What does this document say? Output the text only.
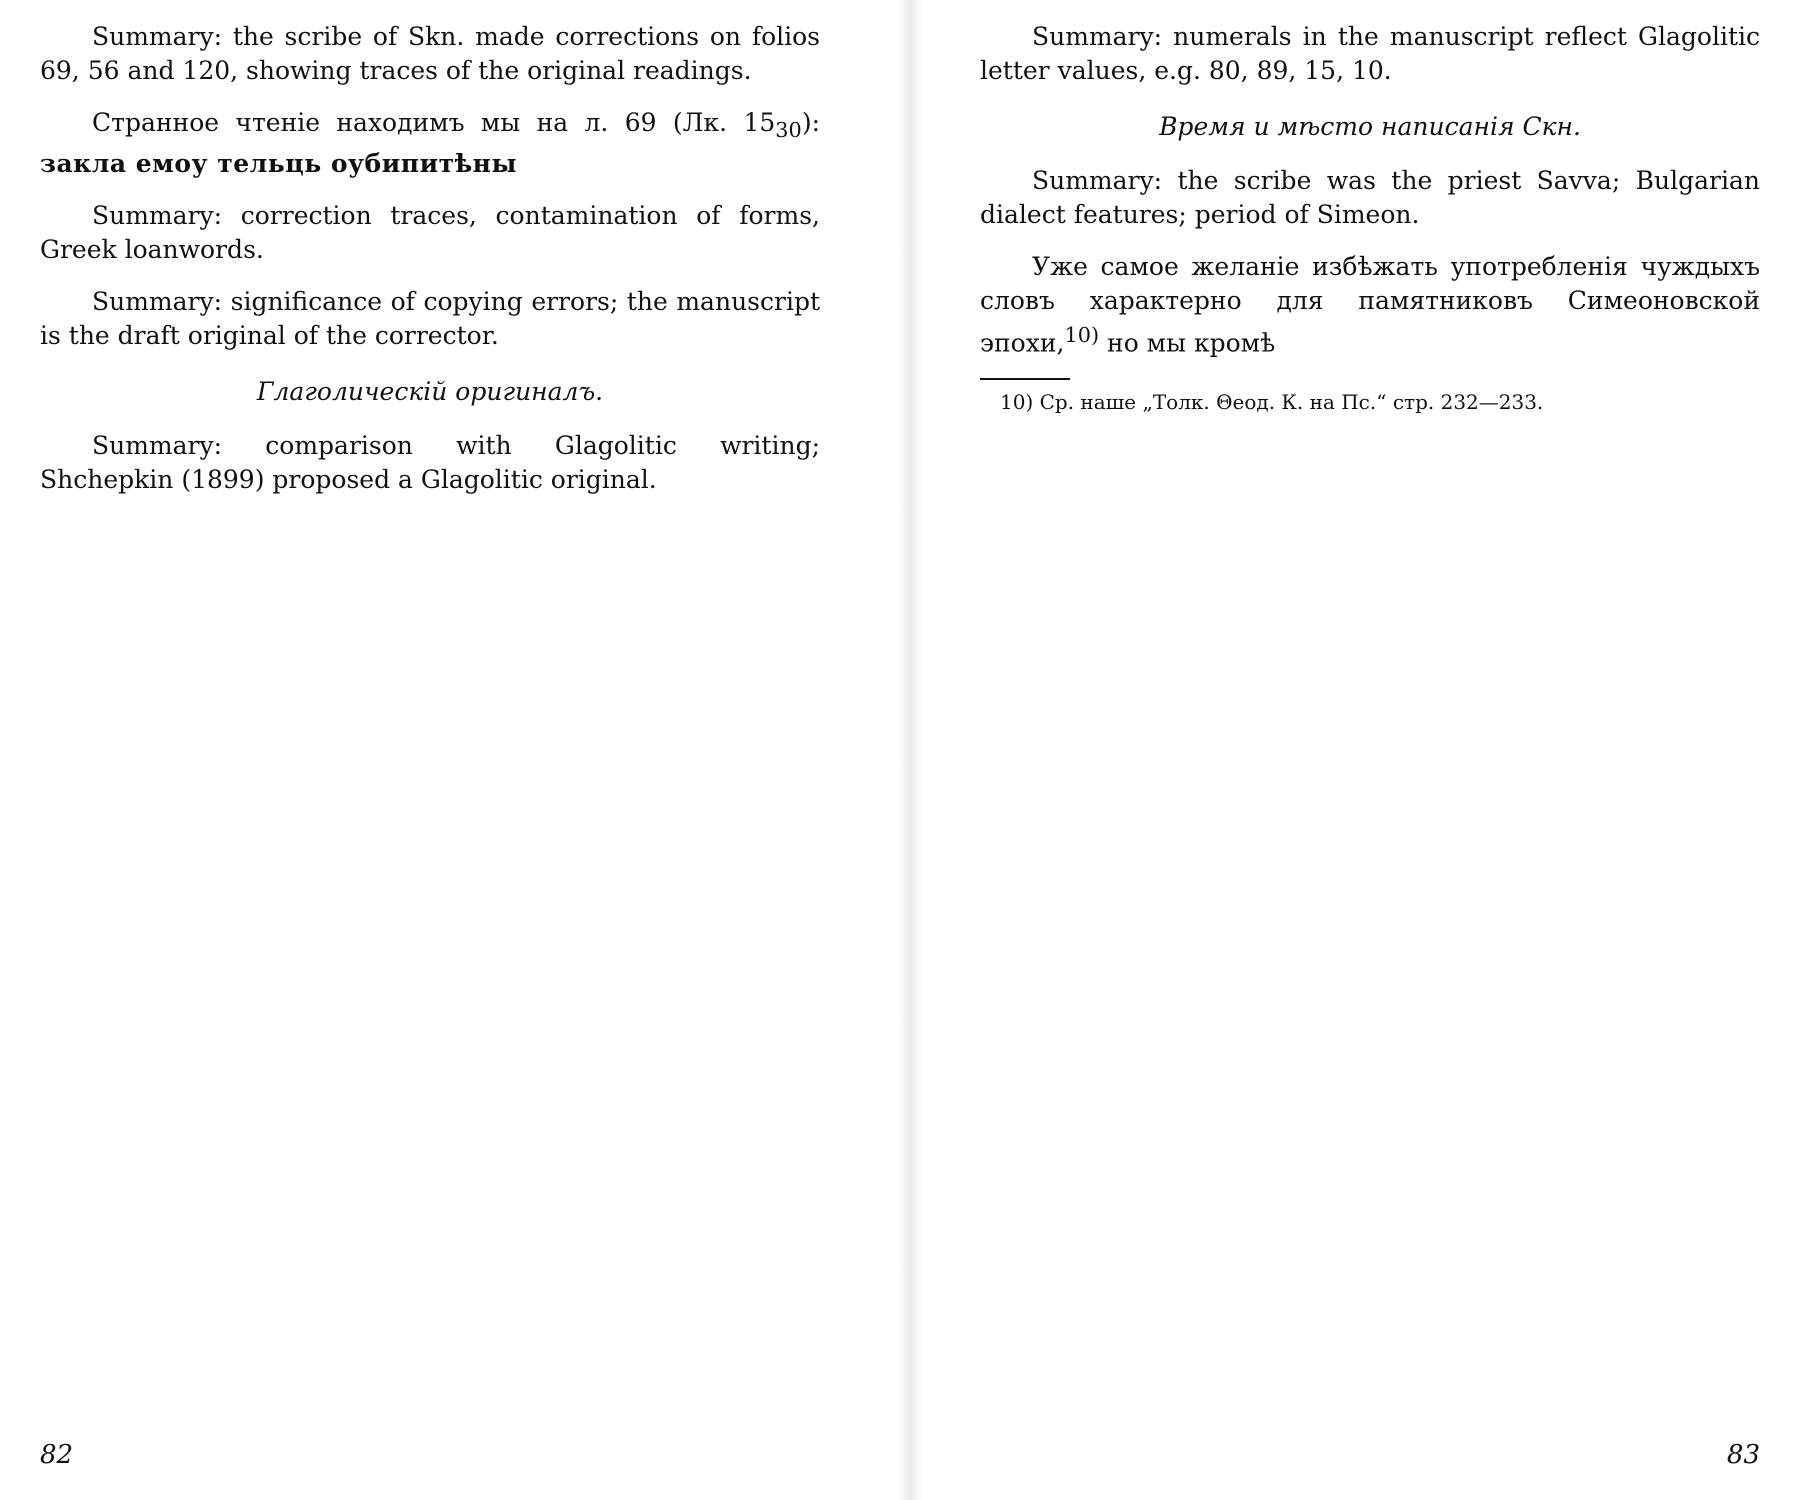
Summary: the scribe of Skn. made corrections on folios 69, 56 and 120, showing traces of the original readings.

Странное чтеніе находимъ мы на л. 69 (Лк. $15_{30}$): закла емоу тельць оубипитѣны

Summary: correction traces, contamination of forms, Greek loanwords.

Summary: significance of copying errors; the manuscript is the draft original of the corrector.

Глаголическій оригиналъ.

Summary: comparison with Glagolitic writing; Shchepkin (1899) proposed a Glagolitic original.

82

Summary: numerals in the manuscript reflect Glagolitic letter values, e.g. 80, 89, 15, 10.

Время и мѣсто написанія Скн.

Summary: the scribe was the priest Savva; Bulgarian dialect features; period of Simeon.

Уже самое желаніе избѣжать употребленія чуждыхъ словъ характерно для памятниковъ Симеоновской эпохи,$^{10)}$ но мы кромѣ

10) Ср. наше „Толк. Θеод. К. на Пс.“ стр. 232—233.

83
